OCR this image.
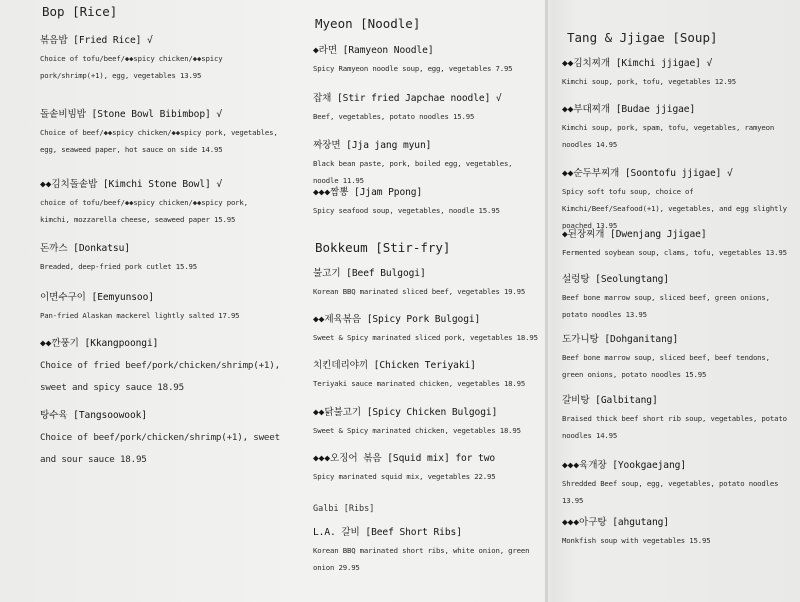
Bop [Rice]
볶음밥 [Fried Rice] √
Choice of tofu/beef/◆◆spicy chicken/◆◆spicy pork/shrimp(+1), egg, vegetables 13.95
돌솥비빔밥 [Stone Bowl Bibimbop] √
Choice of beef/◆◆spicy chicken/◆◆spicy pork, vegetables, egg, seaweed paper, hot sauce on side 14.95
◆◆김치돌솥밥 [Kimchi Stone Bowl] √
choice of tofu/beef/◆◆spicy chicken/◆◆spicy pork, kimchi, mozzarella cheese, seaweed paper 15.95
돈까스 [Donkatsu]
Breaded, deep-fried pork cutlet 15.95
이면수구이 [Eemyunsoo]
Pan-fried Alaskan mackerel lightly salted 17.95
◆◆깐풍기 [Kkangpoongi]
Choice of fried beef/pork/chicken/shrimp(+1), sweet and spicy sauce 18.95
탕수육 [Tangsoowook]
Choice of beef/pork/chicken/shrimp(+1), sweet and sour sauce 18.95
Myeon [Noodle]
◆라면 [Ramyeon Noodle]
Spicy Ramyeon noodle soup, egg, vegetables 7.95
잡채 [Stir fried Japchae noodle] √
Beef, vegetables, potato noodles 15.95
짜장면 [Jja jang myun]
Black bean paste, pork, boiled egg, vegetables, noodle 11.95
◆◆◆짬뽕 [Jjam Ppong]
Spicy seafood soup, vegetables, noodle 15.95
Bokkeum [Stir-fry]
불고기 [Beef Bulgogi]
Korean BBQ marinated sliced beef, vegetables 19.95
◆◆제육볶음 [Spicy Pork Bulgogi]
Sweet & Spicy marinated sliced pork, vegetables 18.95
치킨데리야끼 [Chicken Teriyaki]
Teriyaki sauce marinated chicken, vegetables 18.95
◆◆닭불고기 [Spicy Chicken Bulgogi]
Sweet & Spicy marinated chicken, vegetables 18.95
◆◆◆오징어 볶음 [Squid mix] for two
Spicy marinated squid mix, vegetables 22.95
Galbi [Ribs]
L.A. 갈비 [Beef Short Ribs]
Korean BBQ marinated short ribs, white onion, green onion 29.95
Tang & Jjigae [Soup]
◆◆김치찌개 [Kimchi jjigae] √
Kimchi soup, pork, tofu, vegetables 12.95
◆◆부대찌개 [Budae jjigae]
Kimchi soup, pork, spam, tofu, vegetables, ramyeon noodles 14.95
◆◆순두부찌개 [Soontofu jjigae] √
Spicy soft tofu soup, choice of Kimchi/Beef/Seafood(+1), vegetables, and egg slightly poached 13.95
◆된장찌개 [Dwenjang Jjigae]
Fermented soybean soup, clams, tofu, vegetables 13.95
설렁탕 [Seolungtang]
Beef bone marrow soup, sliced beef, green onions, potato noodles 13.95
도가니탕 [Dohganitang]
Beef bone marrow soup, sliced beef, beef tendons, green onions, potato noodles 15.95
갈비탕 [Galbitang]
Braised thick beef short rib soup, vegetables, potato noodles 14.95
◆◆◆육개장 [Yookgaejang]
Shredded Beef soup, egg, vegetables, potato noodles 13.95
◆◆◆아구탕 [ahgutang]
Monkfish soup with vegetables 15.95
